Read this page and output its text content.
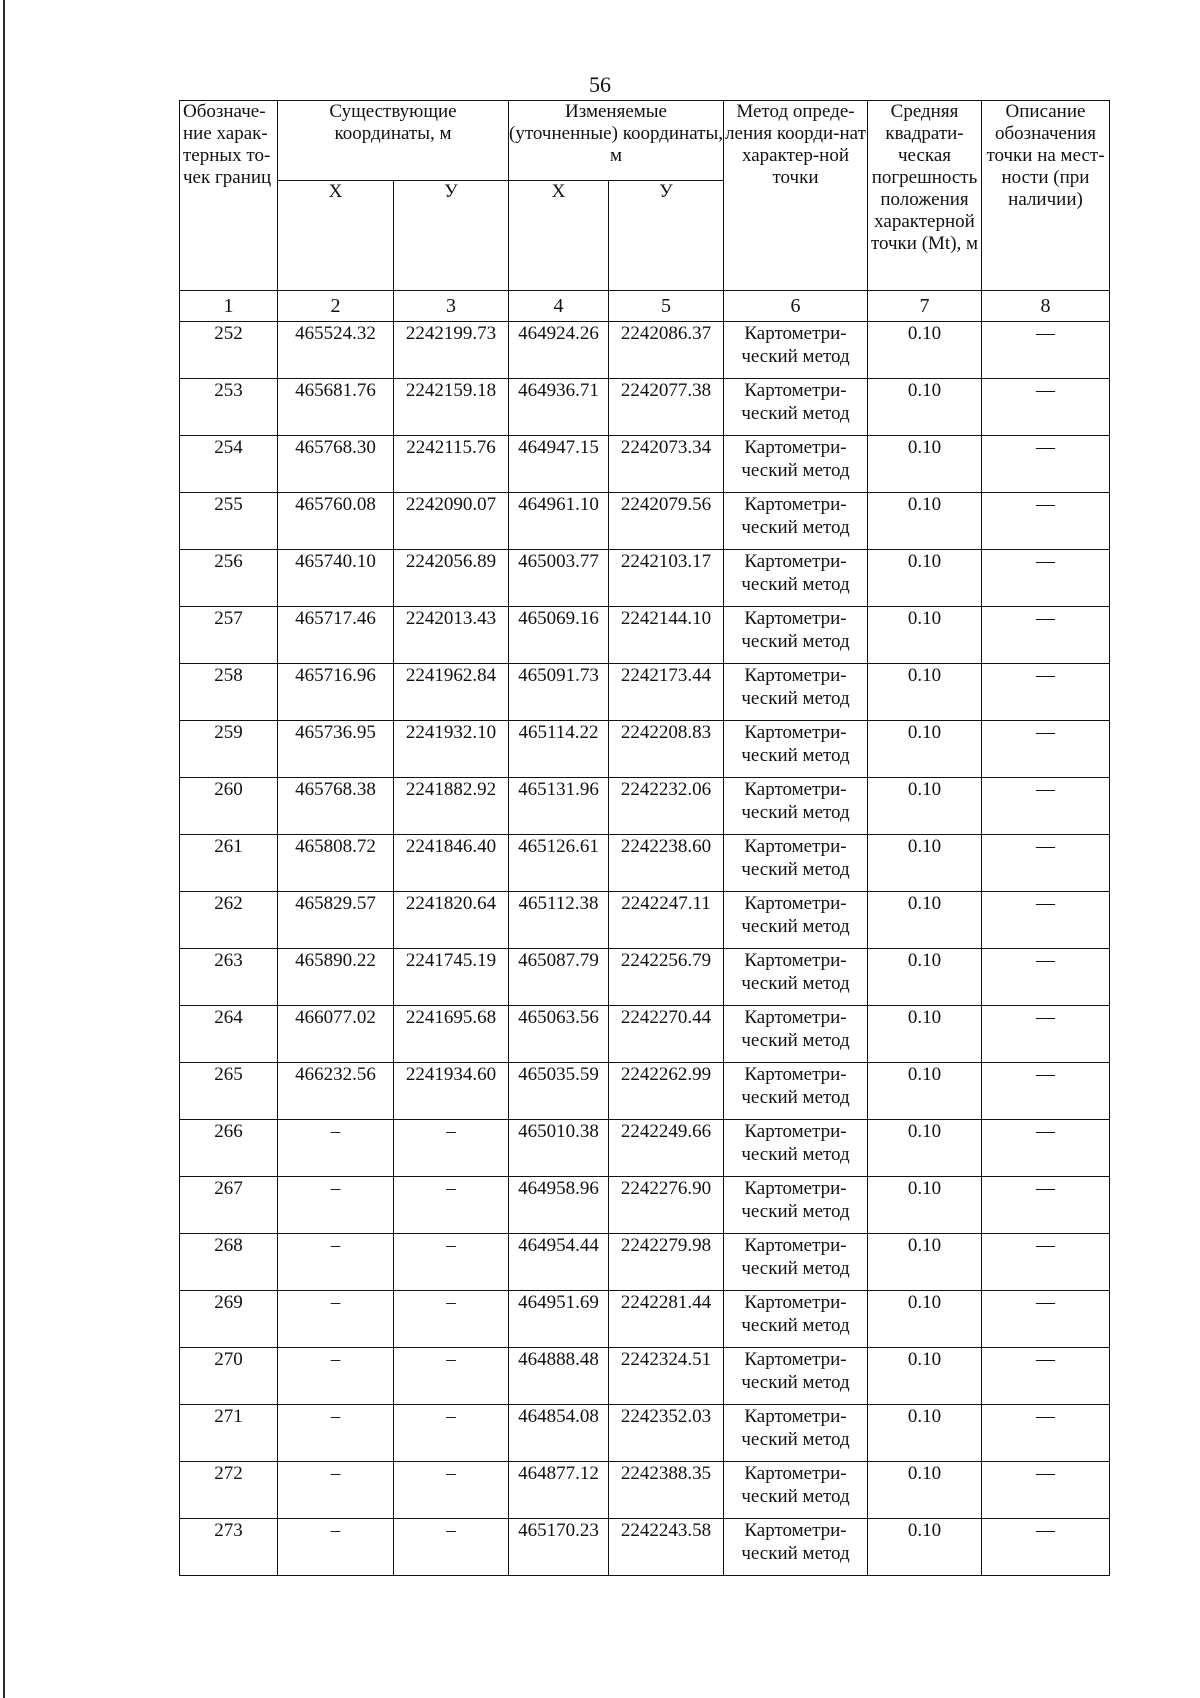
56
Обозначе-ние харак-терных то-чек границ	Существующие координаты, м		Изменяемые (уточненные) координаты, м		Метод опреде-ления коорди-нат характер-ной точки	Средняя квадрати-ческая погрешность положения характерной точки (Mt), м	Описание обозначения точки на мест-ности (при наличии)
	X	У	X	У			
1	2	3	4	5	6	7	8
252	465524.32	2242199.73	464924.26	2242086.37	Картометри-ческий метод	0.10	—
253	465681.76	2242159.18	464936.71	2242077.38	Картометри-ческий метод	0.10	—
254	465768.30	2242115.76	464947.15	2242073.34	Картометри-ческий метод	0.10	—
255	465760.08	2242090.07	464961.10	2242079.56	Картометри-ческий метод	0.10	—
256	465740.10	2242056.89	465003.77	2242103.17	Картометри-ческий метод	0.10	—
257	465717.46	2242013.43	465069.16	2242144.10	Картометри-ческий метод	0.10	—
258	465716.96	2241962.84	465091.73	2242173.44	Картометри-ческий метод	0.10	—
259	465736.95	2241932.10	465114.22	2242208.83	Картометри-ческий метод	0.10	—
260	465768.38	2241882.92	465131.96	2242232.06	Картометри-ческий метод	0.10	—
261	465808.72	2241846.40	465126.61	2242238.60	Картометри-ческий метод	0.10	—
262	465829.57	2241820.64	465112.38	2242247.11	Картометри-ческий метод	0.10	—
263	465890.22	2241745.19	465087.79	2242256.79	Картометри-ческий метод	0.10	—
264	466077.02	2241695.68	465063.56	2242270.44	Картометри-ческий метод	0.10	—
265	466232.56	2241934.60	465035.59	2242262.99	Картометри-ческий метод	0.10	—
266	–	–	465010.38	2242249.66	Картометри-ческий метод	0.10	—
267	–	–	464958.96	2242276.90	Картометри-ческий метод	0.10	—
268	–	–	464954.44	2242279.98	Картометри-ческий метод	0.10	—
269	–	–	464951.69	2242281.44	Картометри-ческий метод	0.10	—
270	–	–	464888.48	2242324.51	Картометри-ческий метод	0.10	—
271	–	–	464854.08	2242352.03	Картометри-ческий метод	0.10	—
272	–	–	464877.12	2242388.35	Картометри-ческий метод	0.10	—
273	–	–	465170.23	2242243.58	Картометри-ческий метод	0.10	—
